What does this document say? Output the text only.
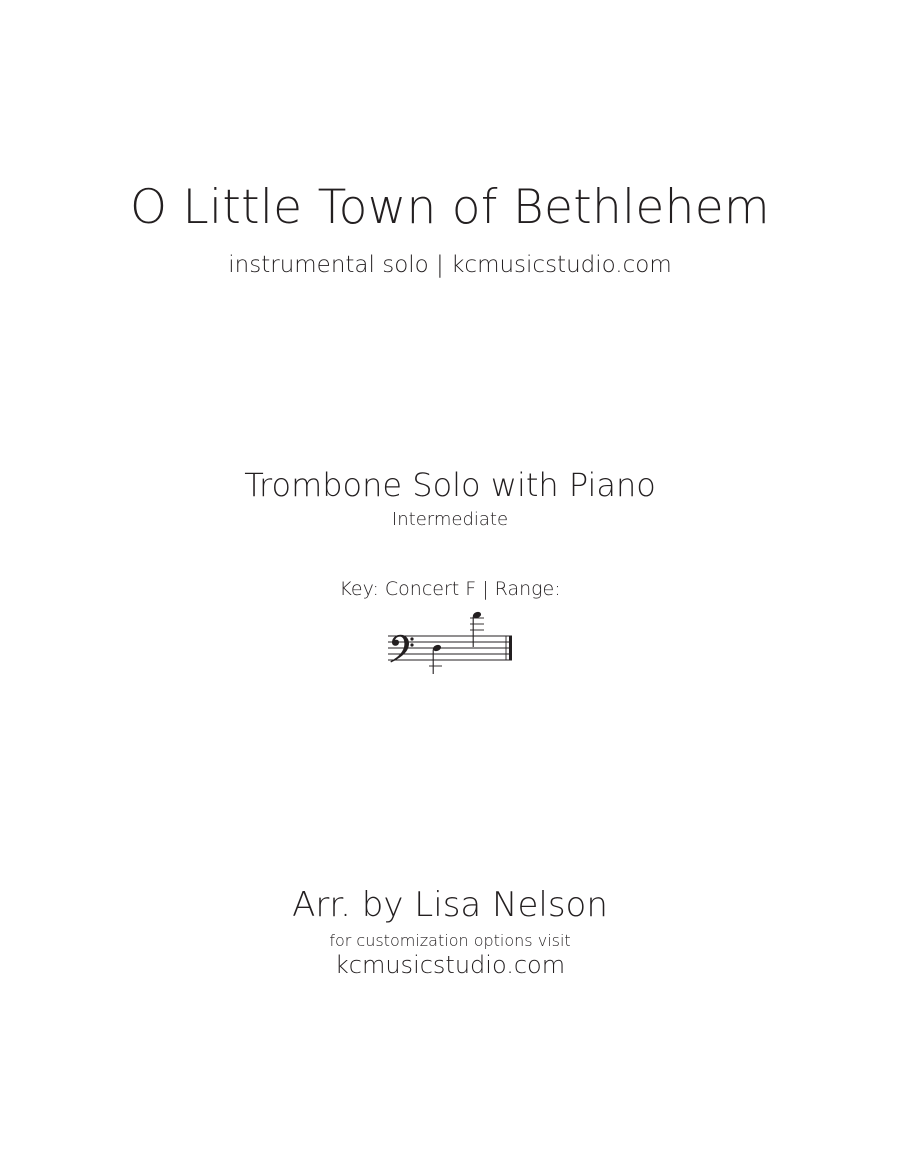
O Little Town of Bethlehem
instrumental solo | kcmusicstudio.com
Trombone Solo with Piano
Intermediate
Key: Concert F | Range:
Arr. by Lisa Nelson
for customization options visit
kcmusicstudio.com
